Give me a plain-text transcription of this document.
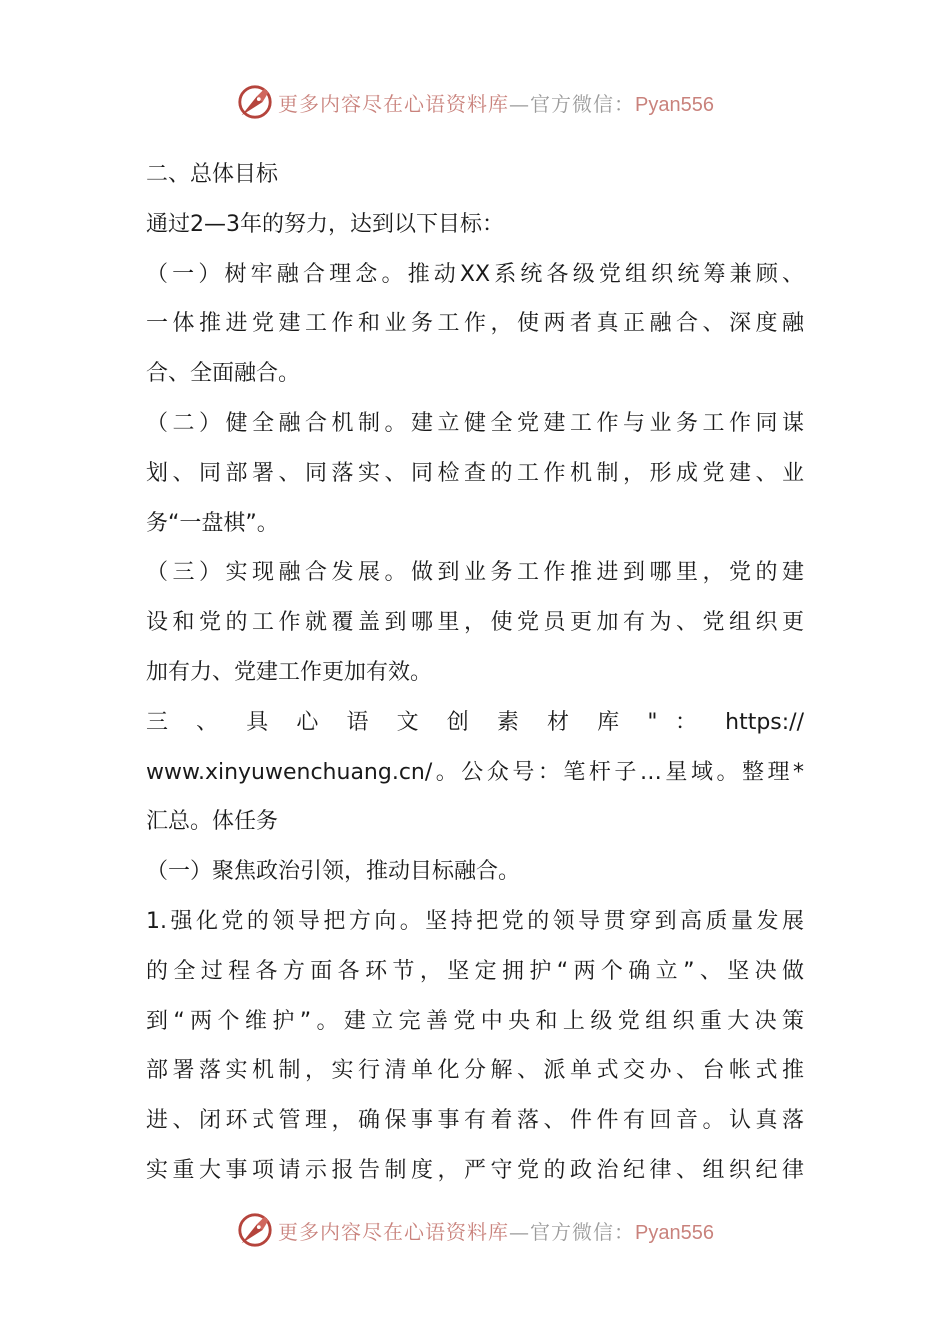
更多内容尽在心语资料库—官方微信：Pyan556
二、总体目标
通过2—3年的努力，达到以下目标：
（一）树牢融合理念。推动XX系统各级党组织统筹兼顾、
一体推进党建工作和业务工作，使两者真正融合、深度融
合、全面融合。
（二）健全融合机制。建立健全党建工作与业务工作同谋
划、同部署、同落实、同检查的工作机制，形成党建、业
务“一盘棋”。
（三）实现融合发展。做到业务工作推进到哪里，党的建
设和党的工作就覆盖到哪里，使党员更加有为、党组织更
加有力、党建工作更加有效。
三 、 具 心 语 文 创 素 材 库 " ： https://
www.xinyuwenchuang.cn/。公众号：笔杆子…星域。整理*
汇总。体任务
（一）聚焦政治引领，推动目标融合。
1.强化党的领导把方向。坚持把党的领导贯穿到高质量发展
的全过程各方面各环节，坚定拥护“两个确立”、坚决做
到“两个维护”。建立完善党中央和上级党组织重大决策
部署落实机制，实行清单化分解、派单式交办、台帐式推
进、闭环式管理，确保事事有着落、件件有回音。认真落
实重大事项请示报告制度，严守党的政治纪律、组织纪律
更多内容尽在心语资料库—官方微信：Pyan556
